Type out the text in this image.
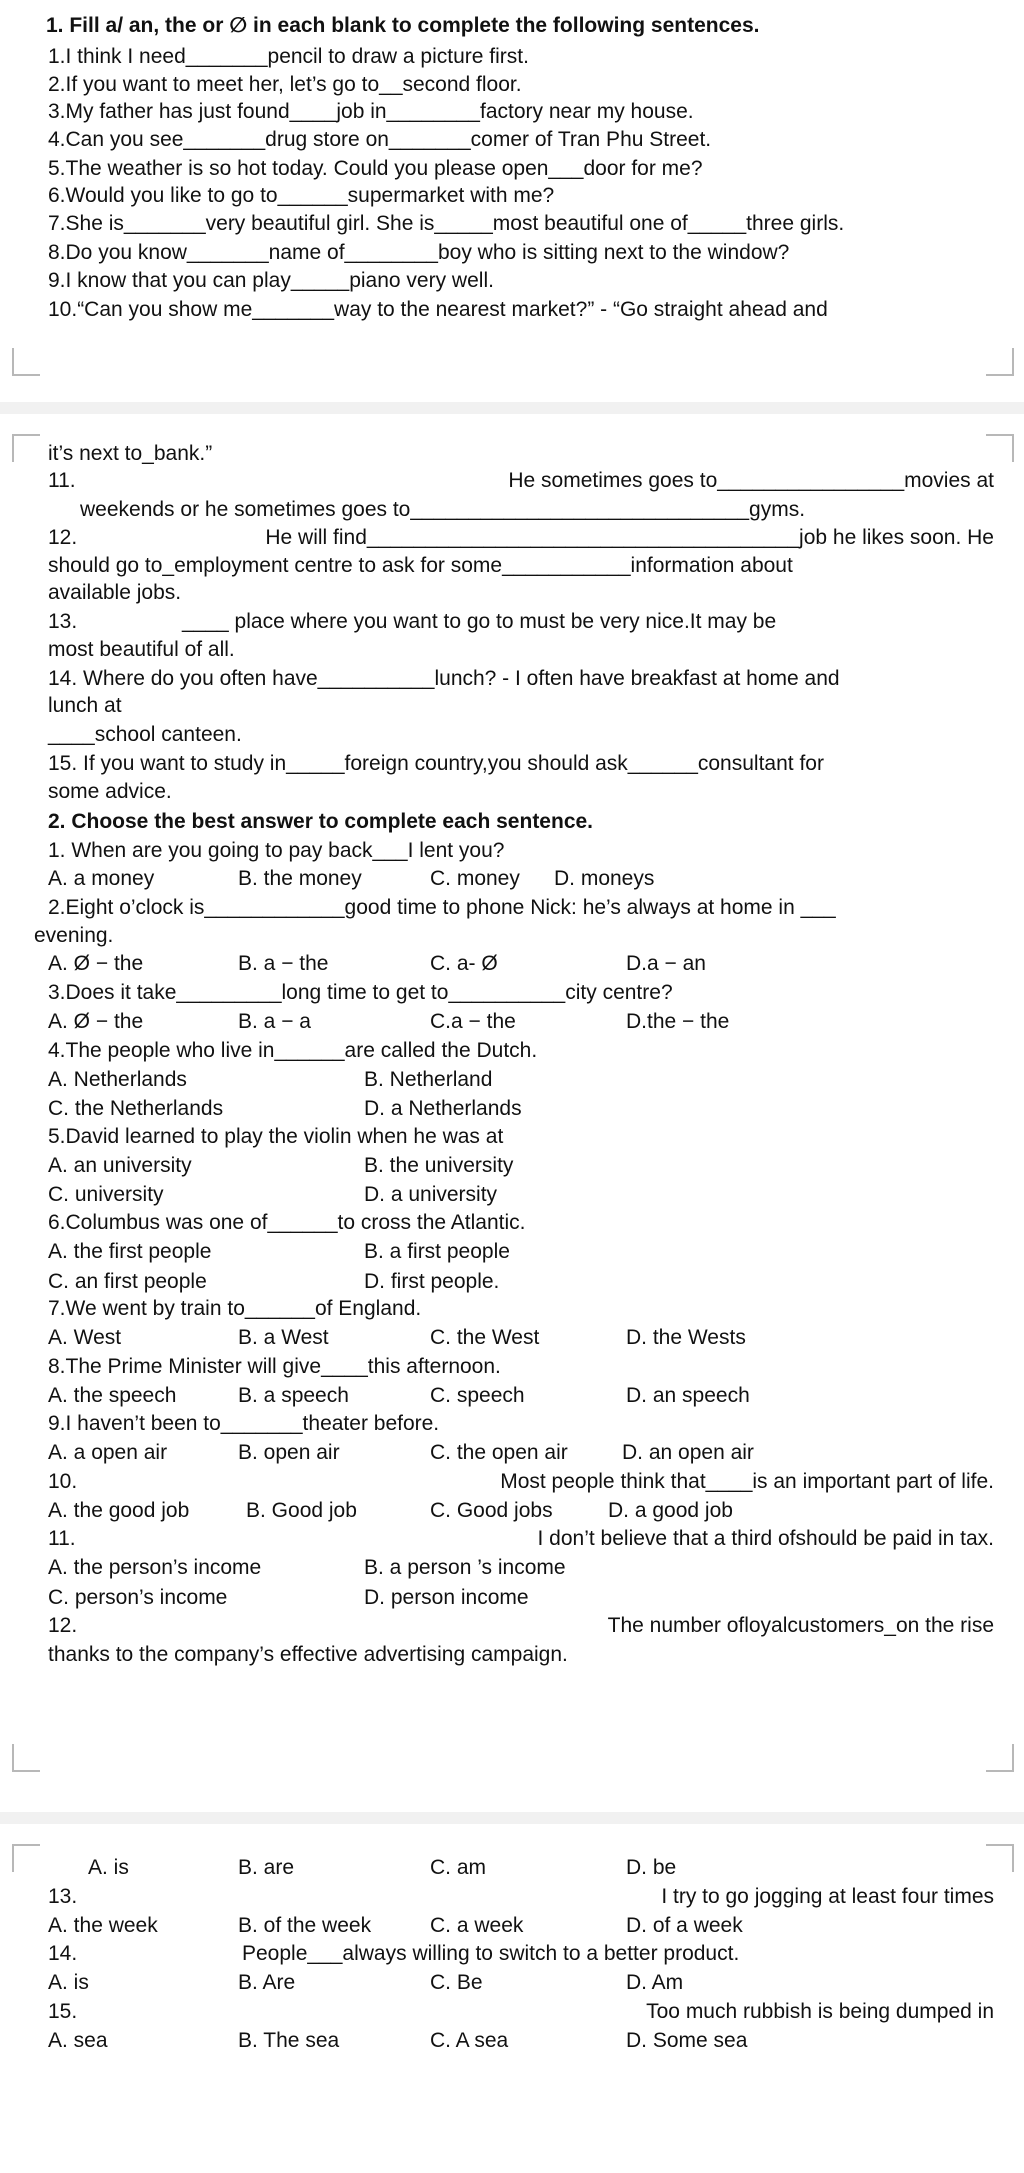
1. Fill a/ an, the or ∅ in each blank to complete the following sentences.
1.I think I need_______pencil to draw a picture first.
2.If you want to meet her, let’s go to__second floor.
3.My father has just found____job in________factory near my house.
4.Can you see_______drug store on_______comer of Tran Phu Street.
5.The weather is so hot today. Could you please open___door for me?
6.Would you like to go to______supermarket with me?
7.She is_______very beautiful girl. She is_____most beautiful one of_____three girls.
8.Do you know_______name of________boy who is sitting next to the window?
9.I know that you can play_____piano very well.
10.“Can you show me_______way to the nearest market?” - “Go straight ahead and
it’s next to_bank.”
11.	He sometimes goes to________________movies at
weekends or he sometimes goes to_____________________________gyms.
12.	He will find_____________________________________job he likes soon. He
should go to_employment centre to ask for some___________information about
available jobs.
13.	____ place where you want to go to must be very nice.It may be
most beautiful of all.
14. Where do you often have__________lunch? - I often have breakfast at home and
lunch at
____school canteen.
15. If you want to study in_____foreign country,you should ask______consultant for
some advice.
2. Choose the best answer to complete each sentence.
1. When are you going to pay back___I lent you?
A. a money	B. the money	C. money D. moneys
2.Eight o’clock is____________good time to phone Nick: he’s always at home in ___
evening.
A. Ø − the	B. a − the	C. a- Ø	D.a − an
3.Does it take_________long time to get to__________city centre?
A. Ø − the	B. a − a	C.a − the	D.the − the
4.The people who live in______are called the Dutch.
A. Netherlands	B. Netherland
C. the Netherlands	D. a Netherlands
5.David learned to play the violin when he was at
A. an university	B. the university
C. university	D. a university
6.Columbus was one of______to cross the Atlantic.
A. the first people	B. a first people
C. an first people	D. first people.
7.We went by train to______of England.
A. West	B. a West	C. the West	D. the Wests
8.The Prime Minister will give____this afternoon.
A. the speech	B. a speech	C. speech	D. an speech
9.I haven’t been to_______theater before.
A. a open air	B. open air	C. the open air	D. an open air
10.	Most people think that____is an important part of life.
A. the good job	B. Good job	C. Good jobs	D. a good job
11.	I don’t believe that a third ofshould be paid in tax.
A. the person’s income	B. a person ’s income
C. person’s income	D. person income
12.	The number ofloyalcustomers_on the rise
thanks to the company’s effective advertising campaign.
A. is	B. are	C. am	D. be
13.	I try to go jogging at least four times
A. the week	B. of the week	C. a week	D. of a week
14.	People___always willing to switch to a better product.
A. is	B. Are	C. Be	D. Am
15.	Too much rubbish is being dumped in
A. sea	B. The sea	C. A sea	D. Some sea
